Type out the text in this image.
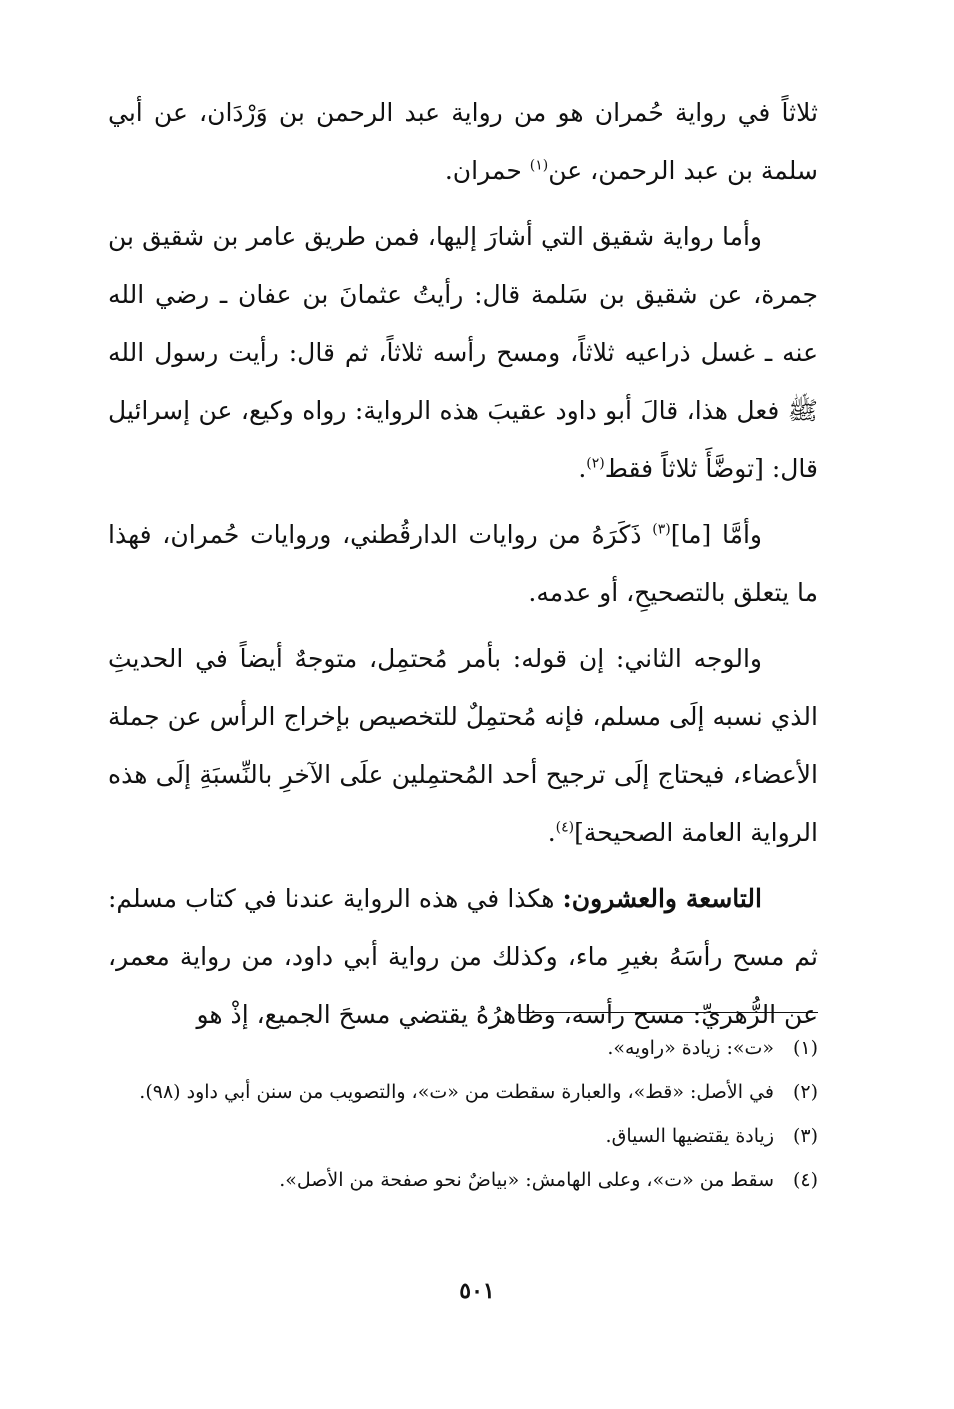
ثلاثاً في رواية حُمران هو من رواية عبد الرحمن بن وَرْدَان، عن أبي سلمة بن عبد الرحمن، عن$^{(١)}$ حمران.

وأما رواية شقيق التي أشارَ إليها، فمن طريق عامر بن شقيق بن جمرة، عن شقيق بن سَلمة قال: رأيتُ عثمانَ بن عفان ـ رضي الله عنه ـ غسل ذراعيه ثلاثاً، ومسح رأسه ثلاثاً، ثم قال: رأيت رسول الله ﷺ فعل هذا، قالَ أبو داود عقيبَ هذه الرواية: رواه وكيع، عن إسرائيل قال: [توضَّأَ ثلاثاً فقط$^{(٢)}$.

وأمَّا [ما]$^{(٣)}$ ذَكَرَهُ من روايات الدارقُطني، وروايات حُمران، فهذا ما يتعلق بالتصحيحِ، أو عدمه.

والوجه الثاني: إن قوله: بأمر مُحتمِل، متوجهٌ أيضاً في الحديثِ الذي نسبه إلَى مسلم، فإنه مُحتمِلٌ للتخصيص بإخراج الرأس عن جملة الأعضاء، فيحتاج إلَى ترجيح أحد المُحتمِلين علَى الآخرِ بالنِّسبَةِ إلَى هذه الرواية العامة الصحيحة]$^{(٤)}$.

التاسعة والعشرون: هكذا في هذه الرواية عندنا في كتاب مسلم: ثم مسح رأسَهُ بغيرِ ماء، وكذلك من رواية أبي داود، من رواية معمر، عن الزُّهريِّ: مسح رأسه، وظاهرُهُ يقتضي مسحَ الجميع، إذْ هو

(١)
«ت»: زيادة «راويه».
(٢)
في الأصل: «قط»، والعبارة سقطت من «ت»، والتصويب من سنن أبي داود (٩٨).
(٣)
زيادة يقتضيها السياق.
(٤)
سقط من «ت»، وعلى الهامش: «بياضٌ نحو صفحة من الأصل».
٥٠١
